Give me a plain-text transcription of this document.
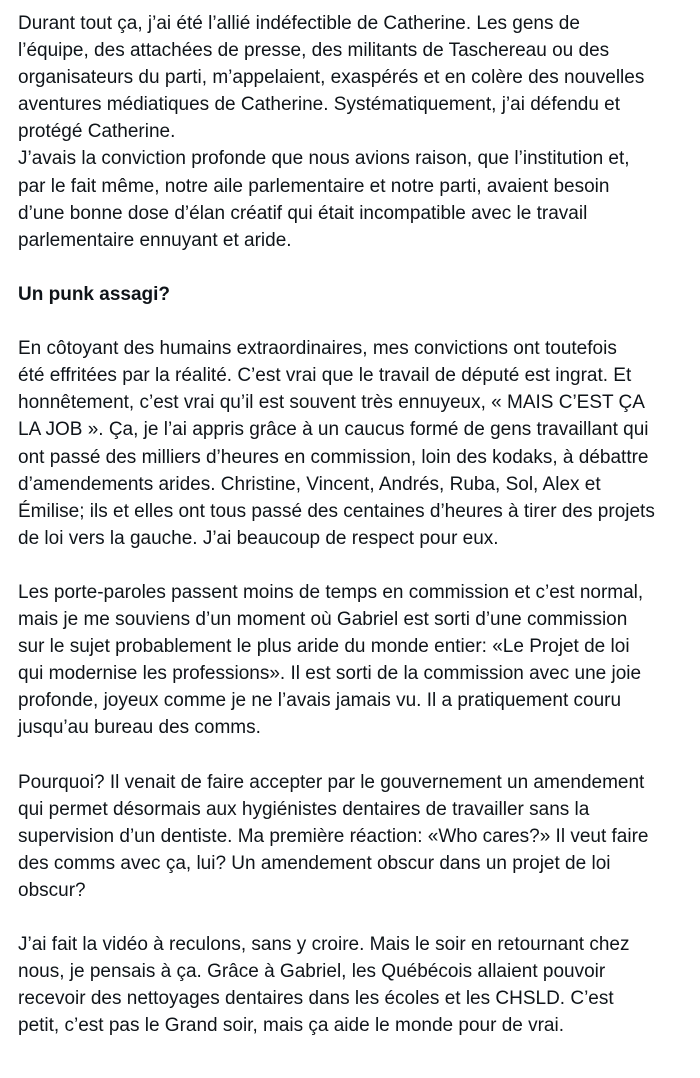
Durant tout ça, j’ai été l’allié indéfectible de Catherine. Les gens de
l’équipe, des attachées de presse, des militants de Taschereau ou des
organisateurs du parti, m’appelaient, exaspérés et en colère des nouvelles
aventures médiatiques de Catherine. Systématiquement, j’ai défendu et
protégé Catherine.
J’avais la conviction profonde que nous avions raison, que l’institution et,
par le fait même, notre aile parlementaire et notre parti, avaient besoin
d’une bonne dose d’élan créatif qui était incompatible avec le travail
parlementaire ennuyant et aride.
Un punk assagi?
En côtoyant des humains extraordinaires, mes convictions ont toutefois
été effritées par la réalité. C’est vrai que le travail de député est ingrat. Et
honnêtement, c’est vrai qu’il est souvent très ennuyeux, « MAIS C’EST ÇA
LA JOB ». Ça, je l’ai appris grâce à un caucus formé de gens travaillant qui
ont passé des milliers d’heures en commission, loin des kodaks, à débattre
d’amendements arides. Christine, Vincent, Andrés, Ruba, Sol, Alex et
Émilise; ils et elles ont tous passé des centaines d’heures à tirer des projets
de loi vers la gauche. J’ai beaucoup de respect pour eux.
Les porte-paroles passent moins de temps en commission et c’est normal,
mais je me souviens d’un moment où Gabriel est sorti d’une commission
sur le sujet probablement le plus aride du monde entier: «Le Projet de loi
qui modernise les professions». Il est sorti de la commission avec une joie
profonde, joyeux comme je ne l’avais jamais vu. Il a pratiquement couru
jusqu’au bureau des comms.
Pourquoi? Il venait de faire accepter par le gouvernement un amendement
qui permet désormais aux hygiénistes dentaires de travailler sans la
supervision d’un dentiste. Ma première réaction: «Who cares?» Il veut faire
des comms avec ça, lui? Un amendement obscur dans un projet de loi
obscur?
J’ai fait la vidéo à reculons, sans y croire. Mais le soir en retournant chez
nous, je pensais à ça. Grâce à Gabriel, les Québécois allaient pouvoir
recevoir des nettoyages dentaires dans les écoles et les CHSLD. C’est
petit, c’est pas le Grand soir, mais ça aide le monde pour de vrai.
